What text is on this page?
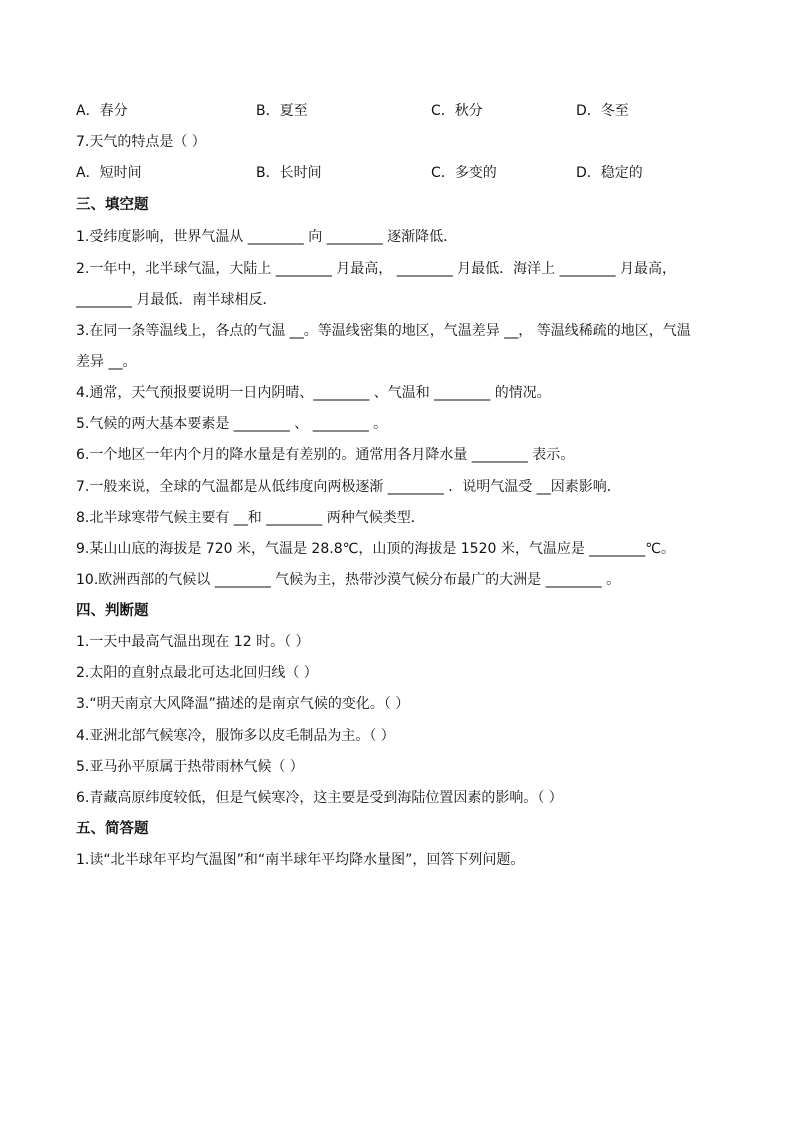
A．春分	B．夏至	C．秋分	D．冬至
7.天气的特点是（ ）
A．短时间	B．长时间	C．多变的	D．稳定的
三、填空题
1.受纬度影响，世界气温从 ________ 向 ________ 逐渐降低．
2.一年中，北半球气温，大陆上 ________ 月最高， ________ 月最低．海洋上 ________ 月最高，
________ 月最低．南半球相反．
3.在同一条等温线上，各点的气温 __。等温线密集的地区，气温差异 __， 等温线稀疏的地区，气温
差异 __。
4.通常，天气预报要说明一日内阴晴、________ 、气温和 ________ 的情况。
5.气候的两大基本要素是 ________ 、 ________ 。
6.一个地区一年内个月的降水量是有差别的。通常用各月降水量 ________ 表示。
7.一般来说，全球的气温都是从低纬度向两极逐渐 ________ ．说明气温受 __因素影响．
8.北半球寒带气候主要有 __和 ________ 两种气候类型．
9.某山山底的海拔是 720 米，气温是 28.8℃，山顶的海拔是 1520 米，气温应是 ________℃。
10.欧洲西部的气候以 ________ 气候为主，热带沙漠气候分布最广的大洲是 ________ 。
四、判断题
1.一天中最高气温出现在 12 时。（ ）
2.太阳的直射点最北可达北回归线（ ）
3.“明天南京大风降温”描述的是南京气候的变化。（ ）
4.亚洲北部气候寒冷，服饰多以皮毛制品为主。（ ）
5.亚马孙平原属于热带雨林气候（ ）
6.青藏高原纬度较低，但是气候寒冷，这主要是受到海陆位置因素的影响。（ ）
五、简答题
1.读“北半球年平均气温图”和“南半球年平均降水量图”，回答下列问题。
